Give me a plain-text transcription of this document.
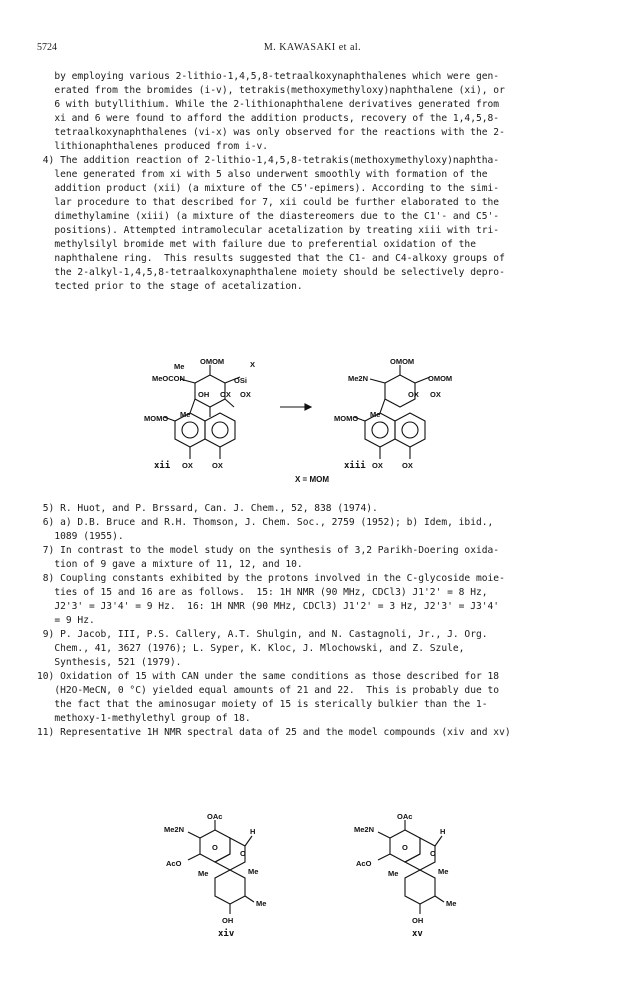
5724	M. KAWASAKI et al.
by employing various 2-lithio-1,4,5,8-tetraalkoxynaphthalenes which were gen-
erated from the bromides (i-v), tetrakis(methoxymethyloxy)naphthalene (xi), or
6 with butyllithium. While the 2-lithionaphthalene derivatives generated from
xi and 6 were found to afford the addition products, recovery of the 1,4,5,8-
tetraalkoxynaphthalenes (vi-x) was only observed for the reactions with the 2-
lithionaphthalenes produced from i-v.
4) The addition reaction of 2-lithio-1,4,5,8-tetrakis(methoxymethyloxy)naphtha-
lene generated from xi with 5 also underwent smoothly with formation of the
addition product (xii) (a mixture of the C5'-epimers). According to the simi-
lar procedure to that described for 7, xii could be further elaborated to the
dimethylamine (xiii) (a mixture of the diastereomers due to the C1'- and C5'-
positions). Attempted intramolecular acetalization by treating xiii with tri-
methylsilyl bromide met with failure due to preferential oxidation of the
naphthalene ring.  This results suggested that the C1- and C4-alkoxy groups of
the 2-alkyl-1,4,5,8-tetraalkoxynaphthalene moiety should be selectively depro-
tected prior to the stage of acetalization.
MeOCON
Me
OMOM
OSi
X
OH OX OX
MOMO Me
OX	OX
xii
Me2N
OMOM
OMOM
OX OX
MOMO Me
OX	OX
xiii
X = MOM
5) R. Huot, and P. Brssard, Can. J. Chem., 52, 838 (1974).
6) a) D.B. Bruce and R.H. Thomson, J. Chem. Soc., 2759 (1952); b) Idem, ibid.,
1089 (1955).
7) In contrast to the model study on the synthesis of 3,2 Parikh-Doering oxida-
tion of 9 gave a mixture of 11, 12, and 10.
8) Coupling constants exhibited by the protons involved in the C-glycoside moie-
ties of 15 and 16 are as follows.  15: 1H NMR (90 MHz, CDCl3) J1'2' = 8 Hz,
J2'3' = J3'4' = 9 Hz.  16: 1H NMR (90 MHz, CDCl3) J1'2' = 3 Hz, J2'3' = J3'4'
= 9 Hz.
9) P. Jacob, III, P.S. Callery, A.T. Shulgin, and N. Castagnoli, Jr., J. Org.
Chem., 41, 3627 (1976); L. Syper, K. Kloc, J. Mlochowski, and Z. Szule,
Synthesis, 521 (1979).
10) Oxidation of 15 with CAN under the same conditions as those described for 18
(H2O-MeCN, 0 °C) yielded equal amounts of 21 and 22.  This is probably due to
the fact that the aminosugar moiety of 15 is sterically bulkier than the 1-
methoxy-1-methylethyl group of 18.
11) Representative 1H NMR spectral data of 25 and the model compounds (xiv and xv)
OAc
H
Me2N
O
O
AcO
Me
Me
Me
OH
xiv
OAc
H
Me2N
O
O
AcO
Me
Me
Me
OH
xv
